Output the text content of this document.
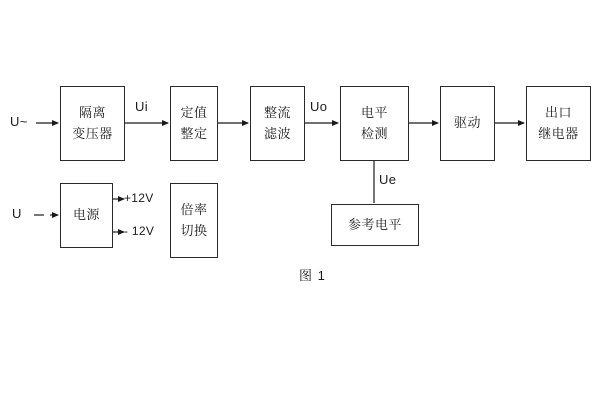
隔离
变压器
定值
整定
整流
滤波
电平
检测
驱动
出口
继电器
电源	倍率
切换	参考电平
U~
U
Ui	Uo
Ue
+12V
- 12V
图 1
